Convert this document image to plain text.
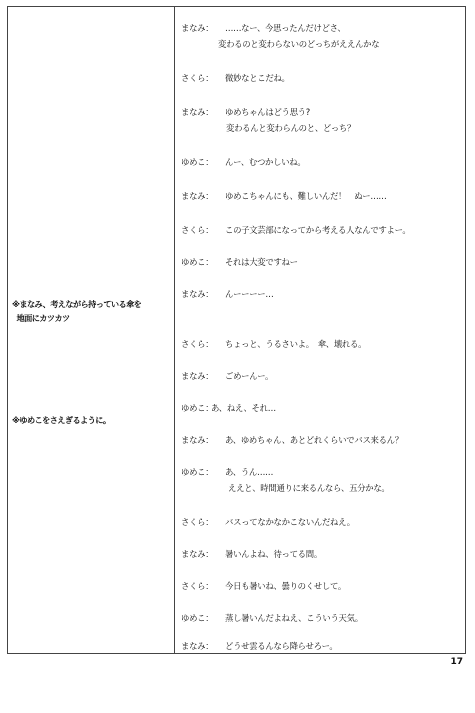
※まなみ、考えながら持っている傘を
地面にカツカツ
※ゆめこをさえぎるように。
まなみ： ……なー、今思ったんだけどさ、
変わるのと変わらないのどっちがええんかな
さくら： 微妙なとこだね。
まなみ： ゆめちゃんはどう思う?
変わるんと変わらんのと、どっち？
ゆめこ： んー、むつかしいね。
まなみ： ゆめこちゃんにも、難しいんだ！　ぬー……
さくら： この子文芸部になってから考える人なんですよー。
ゆめこ： それは大変ですねー
まなみ： んーーーー…
さくら： ちょっと、うるさいよ。　傘、壊れる。
まなみ： ごめーんー。
ゆめこ：あ、ねえ、それ…
まなみ： あ、ゆめちゃん、あとどれくらいでバス来るん？
ゆめこ： あ、うん……
ええと、時間通りに来るんなら、五分かな。
さくら： バスってなかなかこないんだねえ。
まなみ： 暑いんよね、待ってる間。
さくら： 今日も暑いね、曇りのくせして。
ゆめこ： 蒸し暑いんだよねえ、こういう天気。
まなみ： どうせ雲るんなら降らせろー。
17
